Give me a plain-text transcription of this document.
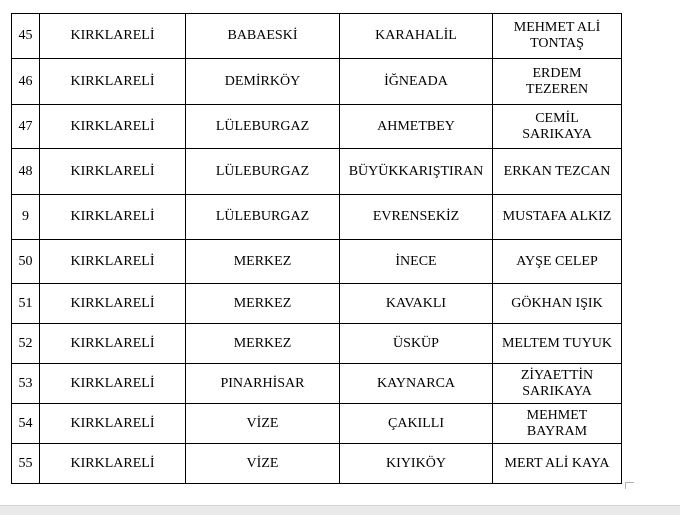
45	KIRKLARELİ	BABAESKİ	KARAHALİL	MEHMET ALİ
TONTAŞ
46	KIRKLARELİ	DEMİRKÖY	İĞNEADA	ERDEM
TEZEREN
47	KIRKLARELİ	LÜLEBURGAZ	AHMETBEY	CEMİL
SARIKAYA
48	KIRKLARELİ	LÜLEBURGAZ	BÜYÜKKARIŞTIRAN	ERKAN TEZCAN
9	KIRKLARELİ	LÜLEBURGAZ	EVRENSEKİZ	MUSTAFA ALKIZ
50	KIRKLARELİ	MERKEZ	İNECE	AYŞE CELEP
51	KIRKLARELİ	MERKEZ	KAVAKLI	GÖKHAN IŞIK
52	KIRKLARELİ	MERKEZ	ÜSKÜP	MELTEM TUYUK
53	KIRKLARELİ	PINARHİSAR	KAYNARCA	ZİYAETTİN
SARIKAYA
54	KIRKLARELİ	VİZE	ÇAKILLI	MEHMET
BAYRAM
55	KIRKLARELİ	VİZE	KIYIKÖY	MERT ALİ KAYA
